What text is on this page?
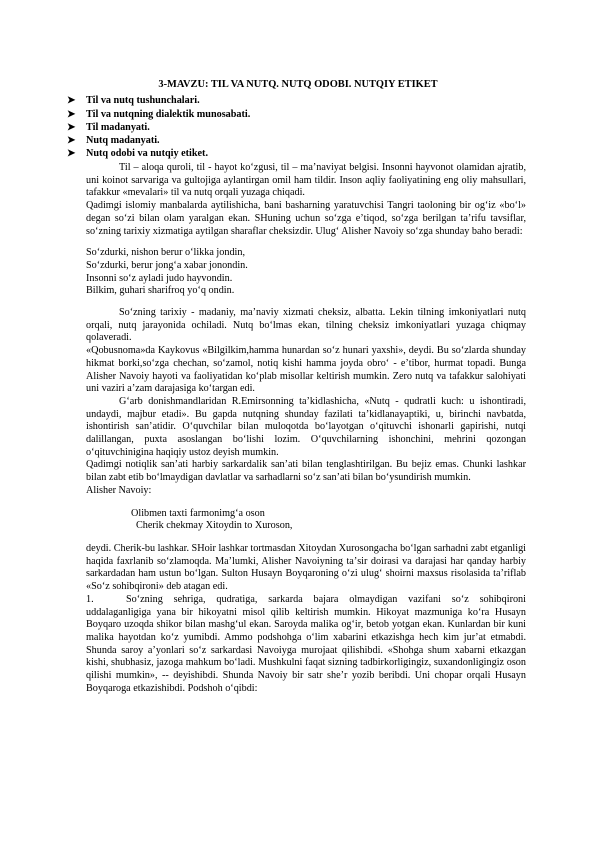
3-MAVZU: TIL VA NUTQ. NUTQ ODOBI. NUTQIY ETIKET
➤	Til va nutq tushunchalari.
➤	Til va nutqning dialektik munosabati.
➤	Til madanyati.
➤	Nutq madanyati.
➤	Nutq odobi va nutqiy etiket.

Til – aloqa quroli, til - hayot koʻzgusi, til – maʼnaviyat belgisi. Insonni hayvonot olamidan ajratib, uni koinot sarvariga va gultojiga aylantirgan omil ham tildir. Inson aqliy faoliyatining eng oliy mahsullari, tafakkur «mevalari» til va nutq orqali yuzaga chiqadi.

Qadimgi islomiy manbalarda aytilishicha, bani basharning yaratuvchisi Tangri taoloning bir ogʻiz «boʻl» degan soʻzi bilan olam yaralgan ekan. SHuning uchun soʻzga eʼtiqod, soʻzga berilgan taʼrifu tavsiflar, soʻzning tarixiy xizmatiga aytilgan sharaflar cheksizdir. Ulugʻ Alisher Navoiy soʻzga shunday baho beradi:

Soʻzdurki, nishon berur oʻlikka jondin,

Soʻzdurki, berur jongʻa xabar jonondin.

Insonni soʻz ayladi judo hayvondin.

Bilkim, guhari sharifroq yoʻq ondin.

Soʻzning tarixiy - madaniy, maʼnaviy xizmati cheksiz, albatta. Lekin tilning imkoniyatlari nutq orqali, nutq jarayonida ochiladi. Nutq boʻlmas ekan, tilning cheksiz imkoniyatlari yuzaga chiqmay qolaveradi.

«Qobusnoma»da Kaykovus «Bilgilkim,hamma hunardan soʻz hunari yaxshi», deydi. Bu soʻzlarda shunday hikmat borki,soʻzga chechan, soʻzamol, notiq kishi hamma joyda obroʻ - eʼtibor, hurmat topadi. Bunga Alisher Navoiy hayoti va faoliyatidan koʻplab misollar keltirish mumkin. Zero nutq va tafakkur salohiyati uni vaziri aʼzam darajasiga koʻtargan edi.

Gʻarb donishmandlaridan R.Emirsonning taʼkidlashicha, «Nutq - qudratli kuch: u ishontiradi, undaydi, majbur etadi». Bu gapda nutqning shunday fazilati taʼkidlanayaptiki, u, birinchi navbatda, ishontirish sanʼatidir. Oʻquvchilar bilan muloqotda boʻlayotgan oʻqituvchi ishonarli gapirishi, nutqi dalillangan, puxta asoslangan boʻlishi lozim. Oʻquvchilarning ishonchini, mehrini qozongan oʻqituvchinigina haqiqiy ustoz deyish mumkin.

Qadimgi notiqlik sanʼati harbiy sarkardalik sanʼati bilan tenglashtirilgan. Bu bejiz emas. Chunki lashkar bilan zabt etib boʻlmaydigan davlatlar va sarhadlarni soʻz sanʼati bilan boʻysundirish mumkin.

Alisher Navoiy:

Olibmen taxti farmonimgʻa oson

Cherik chekmay Xitoydin to Xuroson,

deydi. Cherik-bu lashkar. SHoir lashkar tortmasdan Xitoydan Xurosongacha boʻlgan sarhadni zabt etganligi haqida faxrlanib soʻzlamoqda. Maʼlumki, Alisher Navoiyning taʼsir doirasi va darajasi har qanday harbiy sarkardadan ham ustun boʻlgan. Sulton Husayn Boyqaroning oʻzi ulugʻ shoirni maxsus risolasida taʼriflab «Soʻz sohibqironi» deb atagan edi.

1.	Soʻzning sehriga, qudratiga, sarkarda bajara olmaydigan vazifani soʻz sohibqironi uddalaganligiga yana bir hikoyatni misol qilib keltirish mumkin. Hikoyat mazmuniga koʻra Husayn Boyqaro uzoqda shikor bilan mashgʻul ekan. Saroyda malika ogʻir, betob yotgan ekan. Kunlardan bir kuni malika hayotdan koʻz yumibdi. Ammo podshohga oʻlim xabarini etkazishga hech kim jurʼat etmabdi. Shunda saroy aʼyonlari soʻz sarkardasi Navoiyga murojaat qilishibdi. «Shohga shum xabarni etkazgan kishi, shubhasiz, jazoga mahkum boʻladi. Mushkulni faqat sizning tadbirkorligingiz, suxandonligingiz oson qilishi mumkin», -- deyishibdi. Shunda Navoiy bir satr sheʼr yozib beribdi. Uni chopar orqali Husayn Boyqaroga etkazishibdi. Podshoh oʻqibdi:
